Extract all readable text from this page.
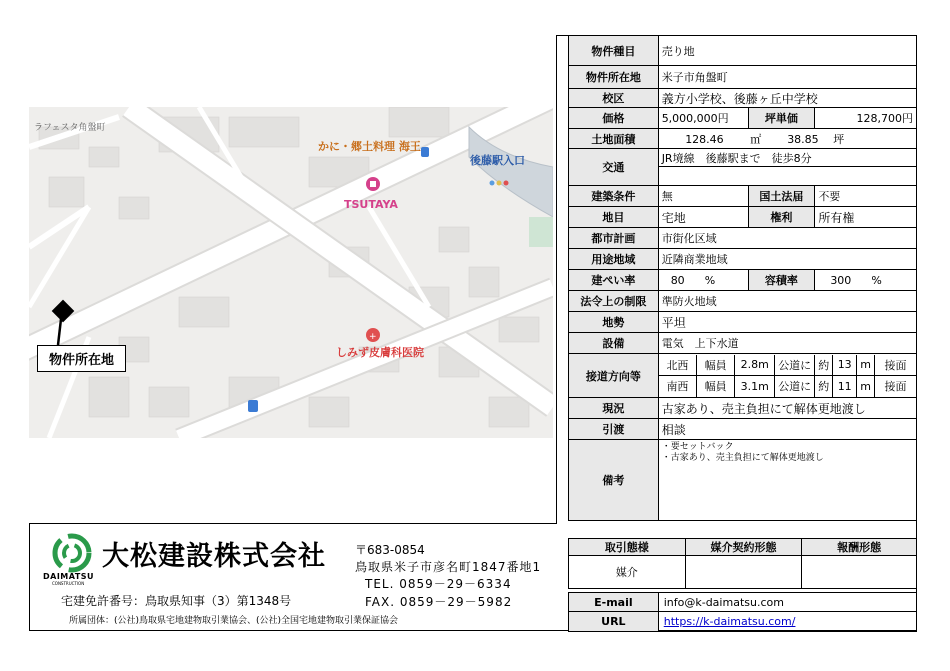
+
ラフェスタ角盤町
かに・郷土料理 海王
後藤駅入口
TSUTAYA
しみず皮膚科医院
物件所在地
物件種目	売り地
物件所在地	米子市角盤町
校区	義方小学校、後藤ヶ丘中学校
価格	5,000,000円	坪単価	128,700円
土地面積	128.46 ㎡ 38.85 坪
交通	JR境線　後藤駅まで　徒歩8分

建築条件	無	国土法届	不要
地目	宅地	権利	所有権
都市計画	市街化区域
用途地域	近隣商業地域
建ぺい率	80 %	容積率	300 %
法令上の制限	準防火地域
地勢	平坦
設備	電気　上下水道
接道方向等	
北西	幅員	2.8m	公道に	約	13	m	接面
南西	幅員	3.1m	公道に	約	11	m	接面

現況	古家あり、売主負担にて解体更地渡し
引渡	相談
備考	
・要セットバック
・古家あり、売主負担にて解体更地渡し
DAIMATSU
CONSTRUCTION
大松建設株式会社 〒683-0854
鳥取県米子市彦名町1847番地1
TEL. 0859－29－6334
宅建免許番号：鳥取県知事（3）第1348号	FAX. 0859－29－5982
所属団体：(公社)鳥取県宅地建物取引業協会、(公社)全国宅地建物取引業保証協会
取引態様	媒介契約形態	報酬形態
媒介		
E-mail	info@k-daimatsu.com
URL	https://k-daimatsu.com/
